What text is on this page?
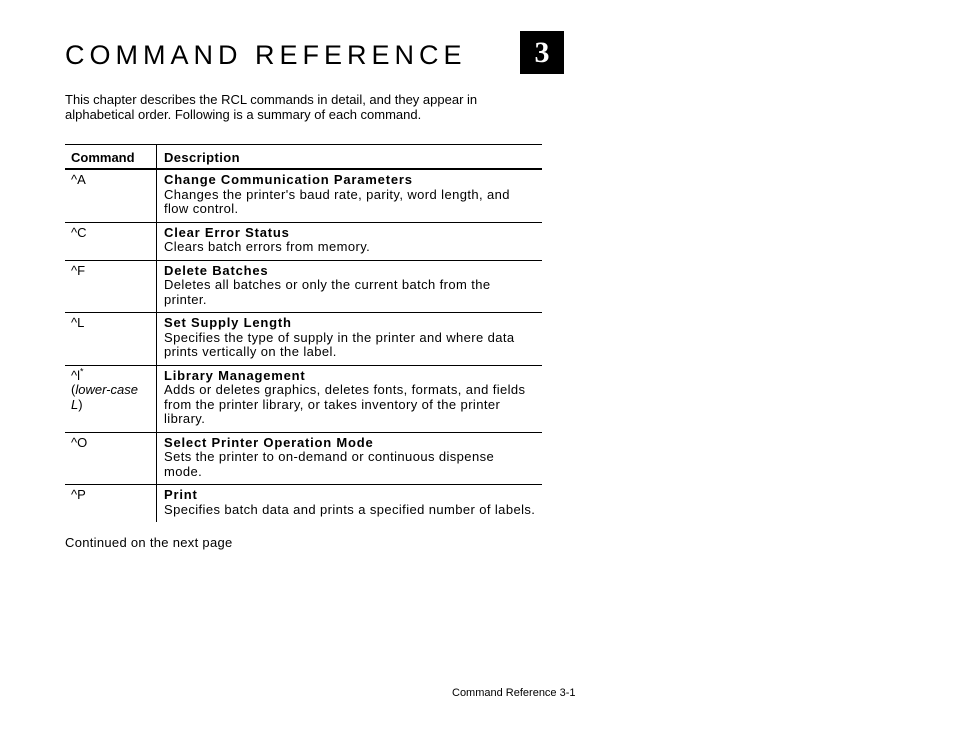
COMMAND REFERENCE	3

This chapter describes the RCL commands in detail, and they appear in alphabetical order. Following is a summary of each command.

Command	Description
^A	Change Communication Parameters
Changes the printer's baud rate, parity, word length, and flow control.

^C	Clear Error Status
Clears batch errors from memory.

^F	Delete Batches
Deletes all batches or only the current batch from the printer.

^L	Set Supply Length
Specifies the type of supply in the printer and where data prints vertically on the label.

^l*
(lower-case L)	Library Management
Adds or deletes graphics, deletes fonts, formats, and fields from the printer library, or takes inventory of the printer library.

^O	Select Printer Operation Mode
Sets the printer to on-demand or continuous dispense mode.

^P	Print
Specifies batch data and prints a specified number of labels.

Continued on the next page

Command Reference 3-1
